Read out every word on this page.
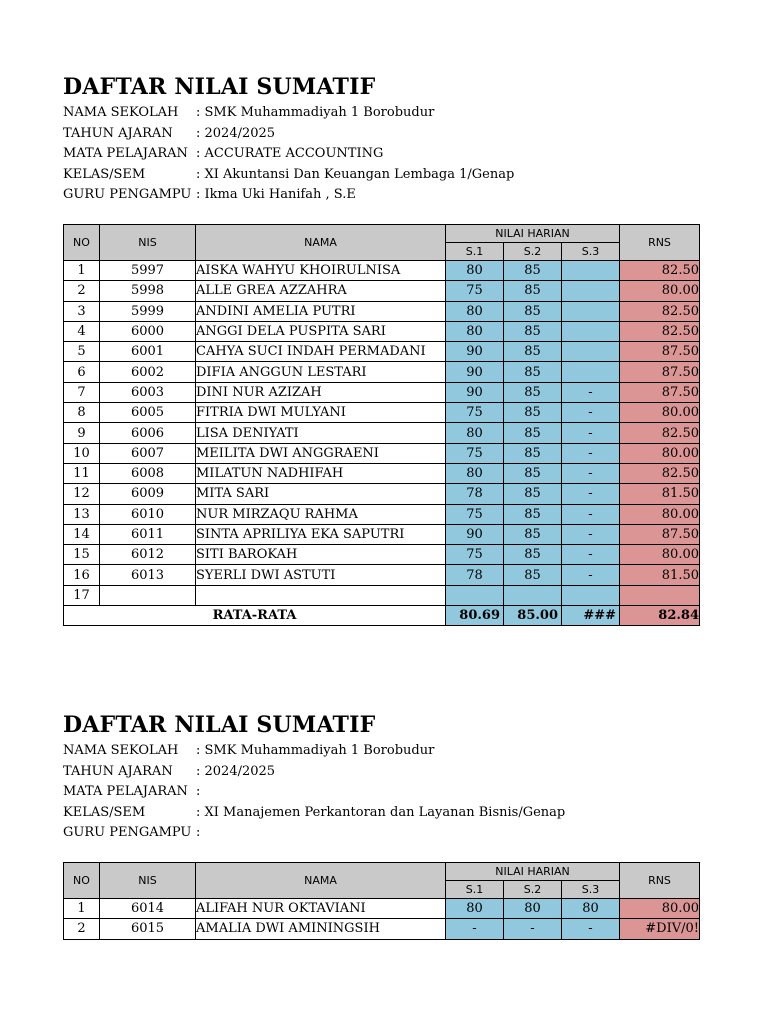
DAFTAR NILAI SUMATIF
NAMA SEKOLAH	: SMK Muhammadiyah 1 Borobudur
TAHUN AJARAN	: 2024/2025
MATA PELAJARAN : ACCURATE ACCOUNTING
KELAS/SEM	: XI Akuntansi Dan Keuangan Lembaga 1/Genap
GURU PENGAMPU : Ikma Uki Hanifah , S.E
NO	NIS	NAMA	NILAI HARIAN			RNS
			S.1	S.2	S.3	
1	5997	AISKA WAHYU KHOIRULNISA	80	85		82.50
2	5998	ALLE GREA AZZAHRA	75	85		80.00
3	5999	ANDINI AMELIA PUTRI	80	85		82.50
4	6000	ANGGI DELA PUSPITA SARI	80	85		82.50
5	6001	CAHYA SUCI INDAH PERMADANI	90	85		87.50
6	6002	DIFIA ANGGUN LESTARI	90	85		87.50
7	6003	DINI NUR AZIZAH	90	85	-	87.50
8	6005	FITRIA DWI MULYANI	75	85	-	80.00
9	6006	LISA DENIYATI	80	85	-	82.50
10	6007	MEILITA DWI ANGGRAENI	75	85	-	80.00
11	6008	MILATUN NADHIFAH	80	85	-	82.50
12	6009	MITA SARI	78	85	-	81.50
13	6010	NUR MIRZAQU RAHMA	75	85	-	80.00
14	6011	SINTA APRILIYA EKA SAPUTRI	90	85	-	87.50
15	6012	SITI BAROKAH	75	85	-	80.00
16	6013	SYERLI DWI ASTUTI	78	85	-	81.50
17						
RATA-RATA			80.69	85.00	###	82.84
DAFTAR NILAI SUMATIF
NAMA SEKOLAH	: SMK Muhammadiyah 1 Borobudur
TAHUN AJARAN	: 2024/2025
MATA PELAJARAN :
KELAS/SEM	: XI Manajemen Perkantoran dan Layanan Bisnis/Genap
GURU PENGAMPU :
NO	NIS	NAMA	NILAI HARIAN			RNS
			S.1	S.2	S.3	
1	6014	ALIFAH NUR OKTAVIANI	80	80	80	80.00
2	6015	AMALIA DWI AMININGSIH	-	-	-	#DIV/0!
